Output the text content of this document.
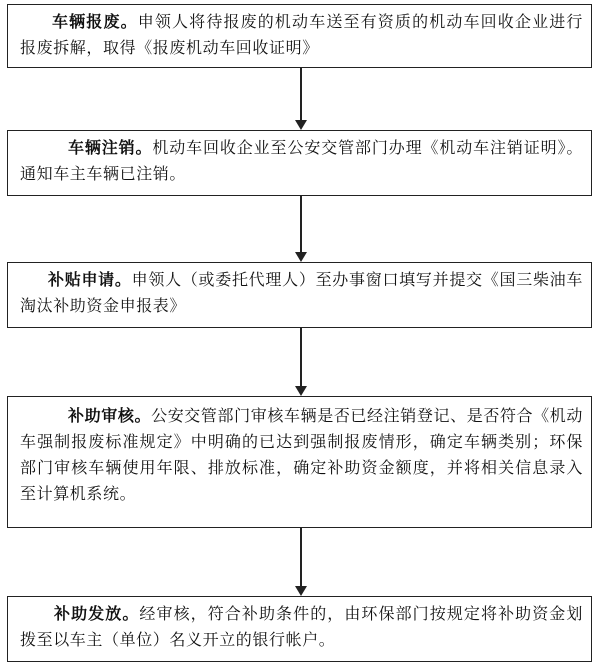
车辆报废。申领人将待报废的机动车送至有资质的机动车回收企业进行报废拆解，取得《报废机动车回收证明》
车辆注销。机动车回收企业至公安交管部门办理《机动车注销证明》。通知车主车辆已注销。
补贴申请。申领人（或委托代理人）至办事窗口填写并提交《国三柴油车淘汰补助资金申报表》
补助审核。公安交管部门审核车辆是否已经注销登记、是否符合《机动车强制报废标准规定》中明确的已达到强制报废情形，确定车辆类别；环保部门审核车辆使用年限、排放标准，确定补助资金额度，并将相关信息录入至计算机系统。
补助发放。经审核，符合补助条件的，由环保部门按规定将补助资金划拨至以车主（单位）名义开立的银行帐户。
